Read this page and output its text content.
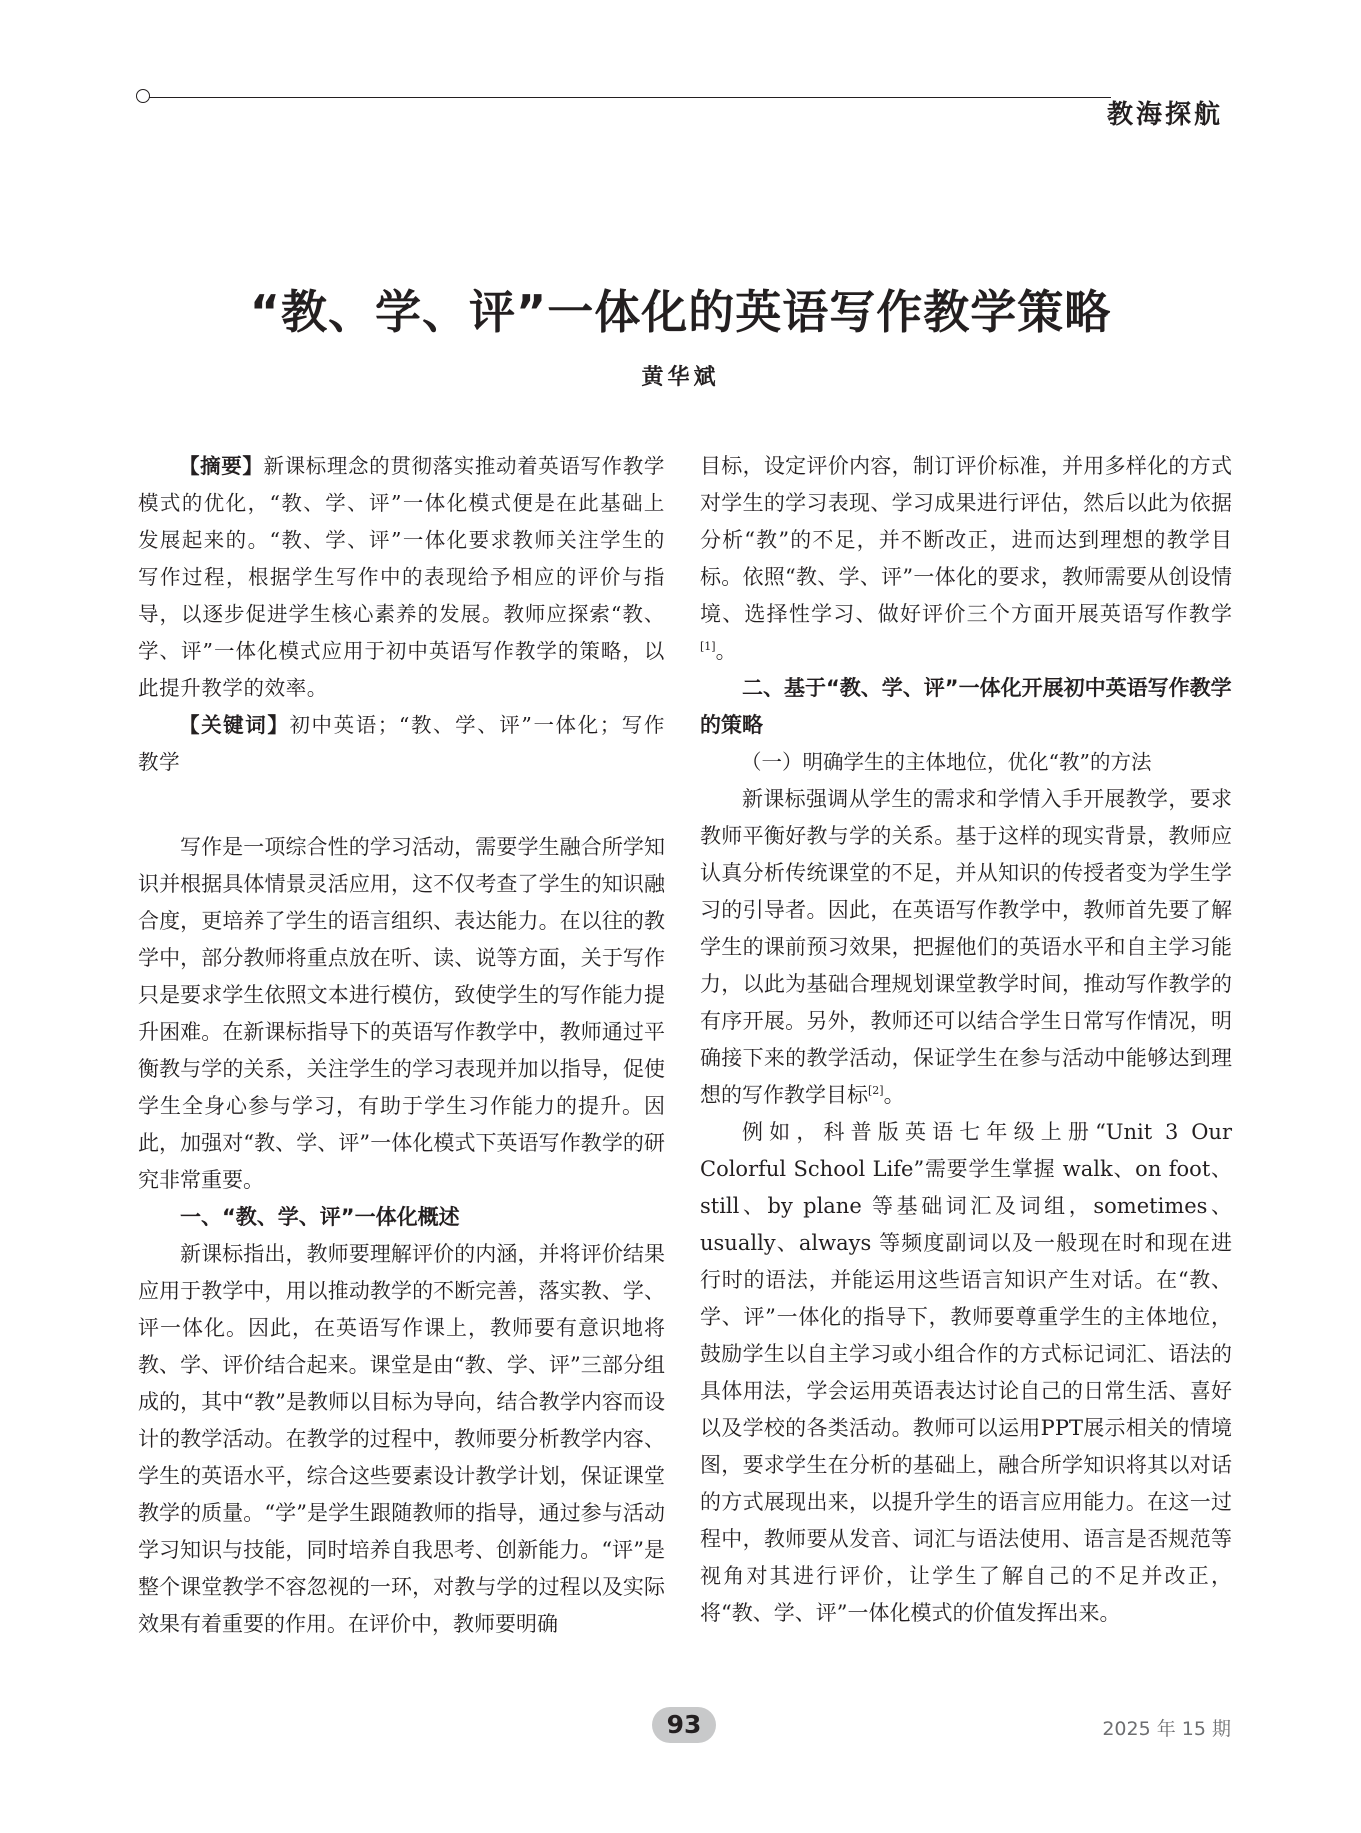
教海探航
“教、学、评”一体化的英语写作教学策略
黄华斌

【摘要】新课标理念的贯彻落实推动着英语写作教学模式的优化，“教、学、评”一体化模式便是在此基础上发展起来的。“教、学、评”一体化要求教师关注学生的写作过程，根据学生写作中的表现给予相应的评价与指导，以逐步促进学生核心素养的发展。教师应探索“教、学、评”一体化模式应用于初中英语写作教学的策略，以此提升教学的效率。

【关键词】初中英语；“教、学、评”一体化；写作教学

写作是一项综合性的学习活动，需要学生融合所学知识并根据具体情景灵活应用，这不仅考查了学生的知识融合度，更培养了学生的语言组织、表达能力。在以往的教学中，部分教师将重点放在听、读、说等方面，关于写作只是要求学生依照文本进行模仿，致使学生的写作能力提升困难。在新课标指导下的英语写作教学中，教师通过平衡教与学的关系，关注学生的学习表现并加以指导，促使学生全身心参与学习，有助于学生习作能力的提升。因此，加强对“教、学、评”一体化模式下英语写作教学的研究非常重要。

一、“教、学、评”一体化概述

新课标指出，教师要理解评价的内涵，并将评价结果应用于教学中，用以推动教学的不断完善，落实教、学、评一体化。因此，在英语写作课上，教师要有意识地将教、学、评价结合起来。课堂是由“教、学、评”三部分组成的，其中“教”是教师以目标为导向，结合教学内容而设计的教学活动。在教学的过程中，教师要分析教学内容、学生的英语水平，综合这些要素设计教学计划，保证课堂教学的质量。“学”是学生跟随教师的指导，通过参与活动学习知识与技能，同时培养自我思考、创新能力。“评”是整个课堂教学不容忽视的一环，对教与学的过程以及实际效果有着重要的作用。在评价中，教师要明确

目标，设定评价内容，制订评价标准，并用多样化的方式对学生的学习表现、学习成果进行评估，然后以此为依据分析“教”的不足，并不断改正，进而达到理想的教学目标。依照“教、学、评”一体化的要求，教师需要从创设情境、选择性学习、做好评价三个方面开展英语写作教学[1]。

二、基于“教、学、评”一体化开展初中英语写作教学的策略

（一）明确学生的主体地位，优化“教”的方法

新课标强调从学生的需求和学情入手开展教学，要求教师平衡好教与学的关系。基于这样的现实背景，教师应认真分析传统课堂的不足，并从知识的传授者变为学生学习的引导者。因此，在英语写作教学中，教师首先要了解学生的课前预习效果，把握他们的英语水平和自主学习能力，以此为基础合理规划课堂教学时间，推动写作教学的有序开展。另外，教师还可以结合学生日常写作情况，明确接下来的教学活动，保证学生在参与活动中能够达到理想的写作教学目标[2]。

例如，科普版英语七年级上册“Unit 3 Our Colorful School Life”需要学生掌握 walk、on foot、still、by plane 等基础词汇及词组，sometimes、usually、always 等频度副词以及一般现在时和现在进行时的语法，并能运用这些语言知识产生对话。在“教、学、评”一体化的指导下，教师要尊重学生的主体地位，鼓励学生以自主学习或小组合作的方式标记词汇、语法的具体用法，学会运用英语表达讨论自己的日常生活、喜好以及学校的各类活动。教师可以运用PPT展示相关的情境图，要求学生在分析的基础上，融合所学知识将其以对话的方式展现出来，以提升学生的语言应用能力。在这一过程中，教师要从发音、词汇与语法使用、语言是否规范等视角对其进行评价，让学生了解自己的不足并改正，将“教、学、评”一体化模式的价值发挥出来。

93	2025 年 15 期
